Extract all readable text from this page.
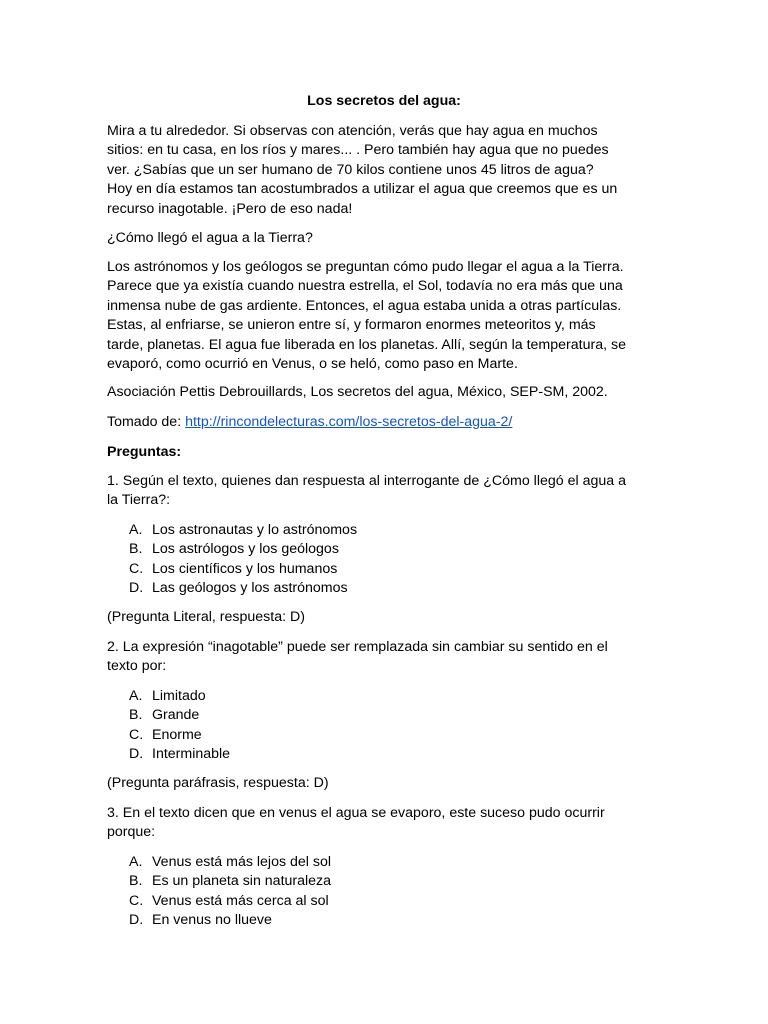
Los secretos del agua:

Mira a tu alrededor. Si observas con atención, verás que hay agua en muchos
sitios: en tu casa, en los ríos y mares... . Pero también hay agua que no puedes
ver. ¿Sabías que un ser humano de 70 kilos contiene unos 45 litros de agua?
Hoy en día estamos tan acostumbrados a utilizar el agua que creemos que es un
recurso inagotable. ¡Pero de eso nada!

¿Cómo llegó el agua a la Tierra?

Los astrónomos y los geólogos se preguntan cómo pudo llegar el agua a la Tierra.
Parece que ya existía cuando nuestra estrella, el Sol, todavía no era más que una
inmensa nube de gas ardiente. Entonces, el agua estaba unida a otras partículas.
Estas, al enfriarse, se unieron entre sí, y formaron enormes meteoritos y, más
tarde, planetas. El agua fue liberada en los planetas. Allí, según la temperatura, se
evaporó, como ocurrió en Venus, o se heló, como paso en Marte.

Asociación Pettis Debrouillards, Los secretos del agua, México, SEP-SM, 2002.

Tomado de: http://rincondelecturas.com/los-secretos-del-agua-2/

Preguntas:

1. Según el texto, quienes dan respuesta al interrogante de ¿Cómo llegó el agua a
la Tierra?:

A. Los astronautas y lo astrónomos
B. Los astrólogos y los geólogos
C. Los científicos y los humanos
D. Las geólogos y los astrónomos

(Pregunta Literal, respuesta: D)

2. La expresión “inagotable” puede ser remplazada sin cambiar su sentido en el
texto por:

A. Limitado
B. Grande
C. Enorme
D. Interminable

(Pregunta paráfrasis, respuesta: D)

3. En el texto dicen que en venus el agua se evaporo, este suceso pudo ocurrir
porque:

A. Venus está más lejos del sol
B. Es un planeta sin naturaleza
C. Venus está más cerca al sol
D. En venus no llueve
